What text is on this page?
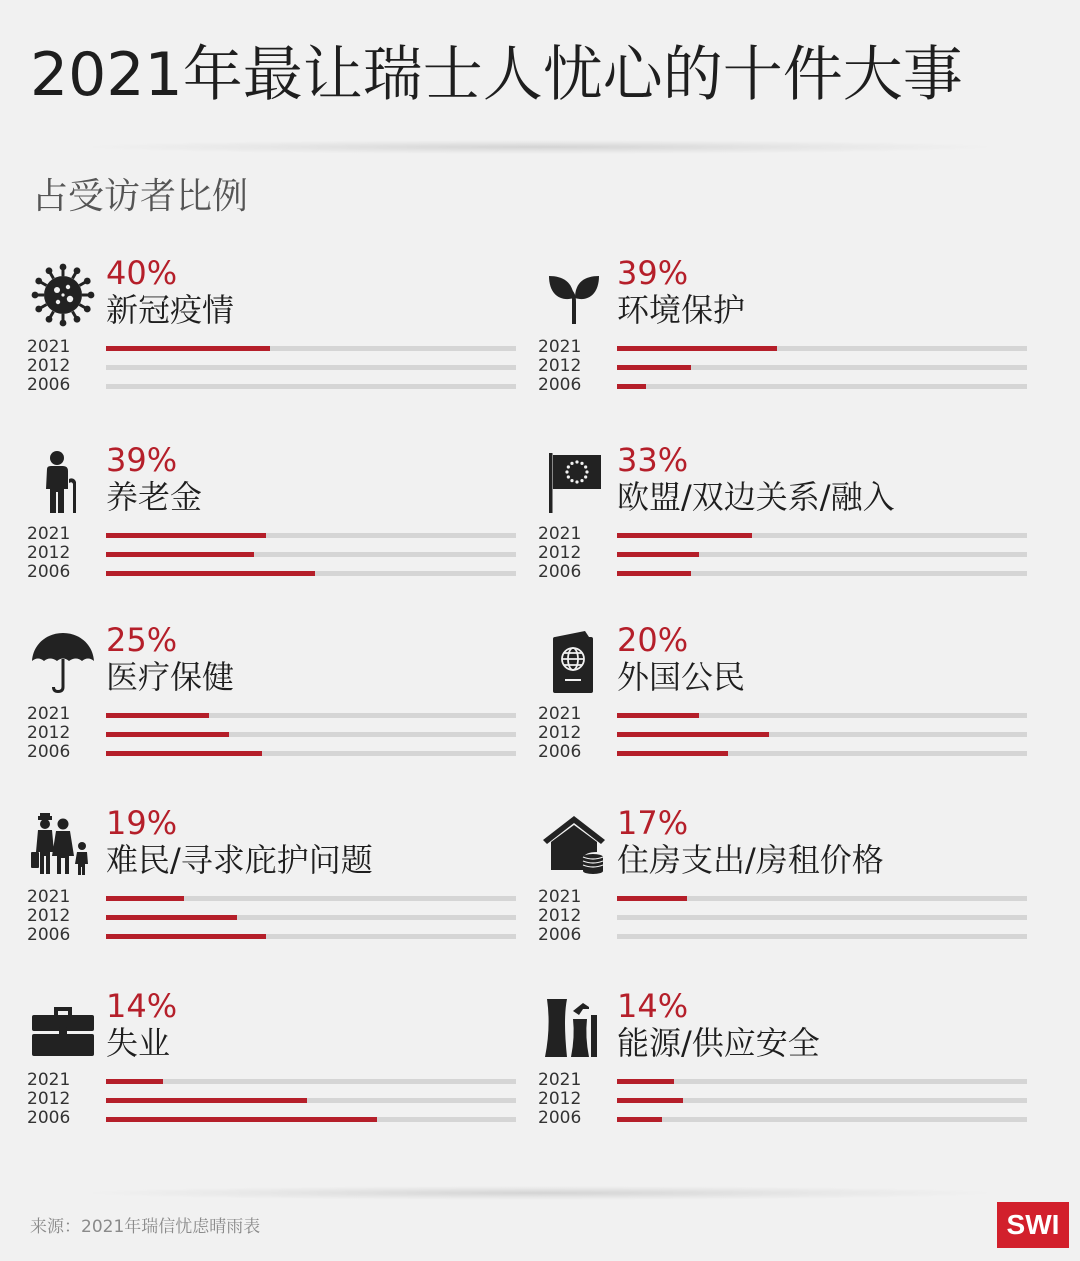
2021年最让瑞士人忧心的十件大事
占受访者比例
40%
新冠疫情
2021
2012
2006
39%
环境保护
2021
2012
2006
39%
养老金
2021
2012
2006
33%
欧盟/双边关系/融入
2021
2012
2006
25%
医疗保健
2021
2012
2006
20%
外国公民
2021
2012
2006
19%
难民/寻求庇护问题
2021
2012
2006
17%
住房支出/房租价格
2021
2012
2006
14%
失业
2021
2012
2006
14%
能源/供应安全
2021
2012
2006
来源：2021年瑞信忧虑晴雨表	SWI
